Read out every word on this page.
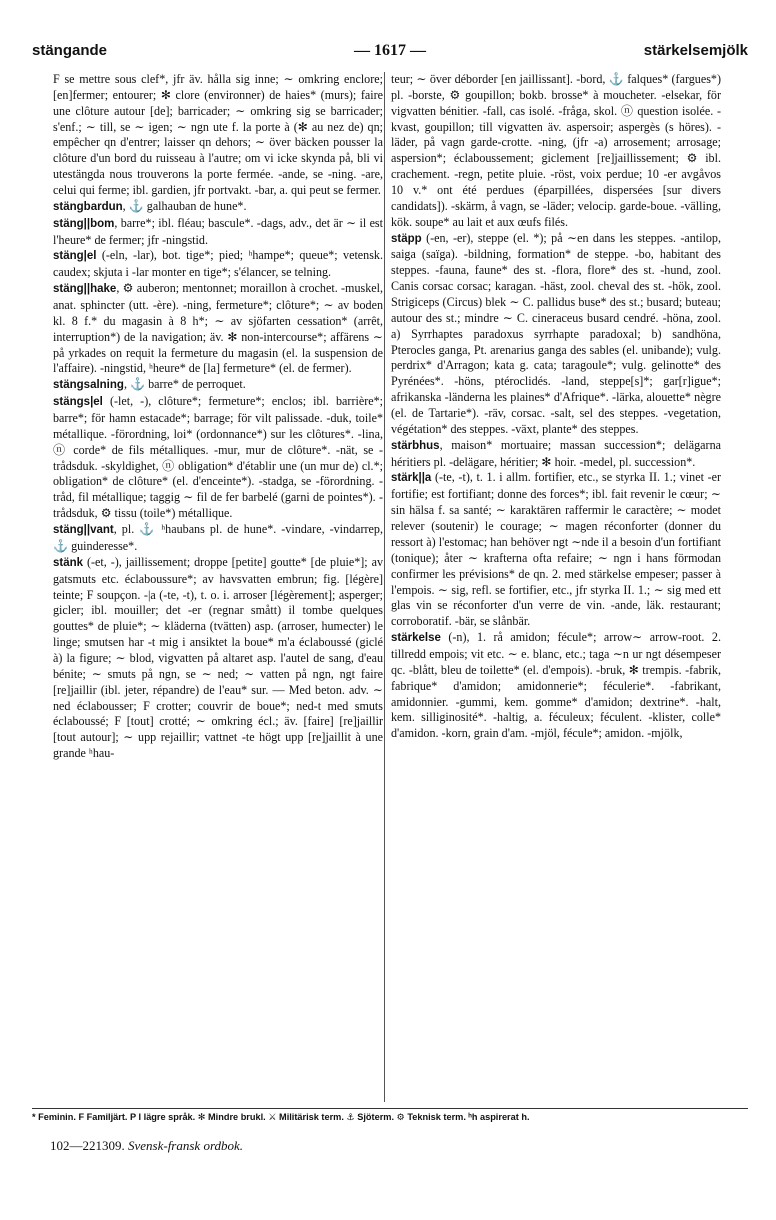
stängande	— 1617 —	stärkelsemjölk

F se mettre sous clef*, jfr äv. hålla sig inne; ∼ omkring enclore; [en]fermer; entourer; ✻ clore (environner) de haies* (murs); faire une clôture autour [de]; barricader; ∼ omkring sig se barricader; s'enf.; ∼ till, se ∼ igen; ∼ ngn ute f. la porte à (✻ au nez de) qn; empêcher qn d'entrer; laisser qn dehors; ∼ över bäcken pousser la clôture d'un bord du ruisseau à l'autre; om vi icke skynda på, bli vi utestängda nous trouverons la porte fermée. -ande, se -ning. -are, celui qui ferme; ibl. gardien, jfr portvakt. -bar, a. qui peut se fermer.

stängbardun, ⚓ galhauban de hune*.

stäng||bom, barre*; ibl. fléau; bascule*. -dags, adv., det är ∼ il est l'heure* de fermer; jfr -ningstid.

stäng|el (-eln, -lar), bot. tige*; pied; ʰhampe*; queue*; vetensk. caudex; skjuta i -lar monter en tige*; s'élancer, se telning.

stäng||hake, ⚙ auberon; mentonnet; moraillon à crochet. -muskel, anat. sphincter (utt. -ère). -ning, fermeture*; clôture*; ∼ av boden kl. 8 f.* du magasin à 8 h*; ∼ av sjöfarten cessation* (arrêt, interruption*) de la navigation; äv. ✻ non-intercourse*; affärens ∼ på yrkades on requit la fermeture du magasin (el. la suspension de l'affaire). -ningstid, ʰheure* de [la] fermeture* (el. de fermer).

stängsalning, ⚓ barre* de perroquet.

stängs|el (-let, -), clôture*; fermeture*; enclos; ibl. barrière*; barre*; för hamn estacade*; barrage; för vilt palissade. -duk, toile* métallique. -förordning, loi* (ordonnance*) sur les clôtures*. -lina, ⓝ corde* de fils métalliques. -mur, mur de clôture*. -nät, se -trådsduk. -skyldighet, ⓝ obligation* d'établir une (un mur de) cl.*; obligation* de clôture* (el. d'enceinte*). -stadga, se -förordning. -tråd, fil métallique; taggig ∼ fil de fer barbelé (garni de pointes*). -trådsduk, ⚙ tissu (toile*) métallique.

stäng||vant, pl. ⚓ ʰhaubans pl. de hune*. -vindare, -vindarrep, ⚓ guinderesse*.

stänk (-et, -), jaillissement; droppe [petite] goutte* [de pluie*]; av gatsmuts etc. éclaboussure*; av havsvatten embrun; fig. [légère] teinte; F soupçon. -|a (-te, -t), t. o. i. arroser [légèrement]; asperger; gicler; ibl. mouiller; det -er (regnar smått) il tombe quelques gouttes* de pluie*; ∼ kläderna (tvätten) asp. (arroser, humecter) le linge; smutsen har -t mig i ansiktet la boue* m'a éclaboussé (giclé à) la figure; ∼ blod, vigvatten på altaret asp. l'autel de sang, d'eau bénite; ∼ smuts på ngn, se ∼ ned; ∼ vatten på ngn, ngt faire [re]jaillir (ibl. jeter, répandre) de l'eau* sur. — Med beton. adv. ∼ ned éclabousser; F crotter; couvrir de boue*; ned-t med smuts éclaboussé; F [tout] crotté; ∼ omkring écl.; äv. [faire] [re]jaillir [tout autour]; ∼ upp rejaillir; vattnet -te högt upp [re]jaillit à une grande ʰhau-

teur; ∼ över déborder [en jaillissant]. -bord, ⚓ falques* (fargues*) pl. -borste, ⚙ goupillon; bokb. brosse* à moucheter. -elsekar, för vigvatten bénitier. -fall, cas isolé. -fråga, skol. ⓝ question isolée. -kvast, goupillon; till vigvatten äv. aspersoir; aspergès (s höres). -läder, på vagn garde-crotte. -ning, (jfr -a) arrosement; arrosage; aspersion*; éclaboussement; giclement [re]jaillissement; ⚙ ibl. crachement. -regn, petite pluie. -röst, voix perdue; 10 -er avgåvos 10 v.* ont été perdues (éparpillées, dispersées [sur divers candidats]). -skärm, å vagn, se -läder; velocip. garde-boue. -välling, kök. soupe* au lait et aux œufs filés.

stäpp (-en, -er), steppe (el. *); på ∼en dans les steppes. -antilop, saiga (saïga). -bildning, formation* de steppe. -bo, habitant des steppes. -fauna, faune* des st. -flora, flore* des st. -hund, zool. Canis corsac corsac; karagan. -häst, zool. cheval des st. -hök, zool. Strigiceps (Circus) blek ∼ C. pallidus buse* des st.; busard; buteau; autour des st.; mindre ∼ C. cineraceus busard cendré. -höna, zool. a) Syrrhaptes paradoxus syrrhapte paradoxal; b) sandhöna, Pterocles ganga, Pt. arenarius ganga des sables (el. unibande); vulg. perdrix* d'Arragon; kata g. cata; taragoule*; vulg. gelinotte* des Pyrénées*. -höns, ptéroclidés. -land, steppe[s]*; gar[r]igue*; afrikanska -länderna les plaines* d'Afrique*. -lärka, alouette* nègre (el. de Tartarie*). -räv, corsac. -salt, sel des steppes. -vegetation, végétation* des steppes. -växt, plante* des steppes.

stärbhus, maison* mortuaire; massan succession*; delägarna héritiers pl. -delägare, héritier; ✻ hoir. -medel, pl. succession*.

stärk||a (-te, -t), t. 1. i allm. fortifier, etc., se styrka II. 1.; vinet -er fortifie; est fortifiant; donne des forces*; ibl. fait revenir le cœur; ∼ sin hälsa f. sa santé; ∼ karaktären raffermir le caractère; ∼ modet relever (soutenir) le courage; ∼ magen réconforter (donner du ressort à) l'estomac; han behöver ngt ∼nde il a besoin d'un fortifiant (tonique); åter ∼ krafterna ofta refaire; ∼ ngn i hans förmodan confirmer les prévisions* de qn. 2. med stärkelse empeser; passer à l'empois. ∼ sig, refl. se fortifier, etc., jfr styrka II. 1.; ∼ sig med ett glas vin se réconforter d'un verre de vin. -ande, läk. restaurant; corroboratif. -bär, se slånbär.

stärkelse (-n), 1. rå amidon; fécule*; arrow∼ arrow-root. 2. tillredd empois; vit etc. ∼ e. blanc, etc.; taga ∼n ur ngt désempeser qc. -blått, bleu de toilette* (el. d'empois). -bruk, ✻ trempis. -fabrik, fabrique* d'amidon; amidonnerie*; féculerie*. -fabrikant, amidonnier. -gummi, kem. gomme* d'amidon; dextrine*. -halt, kem. silliginosité*. -haltig, a. féculeux; féculent. -klister, colle* d'amidon. -korn, grain d'am. -mjöl, fécule*; amidon. -mjölk,

* Feminin. F Familjärt. P I lägre språk. ✻ Mindre brukl. ⚔ Militärisk term. ⚓ Sjöterm. ⚙ Teknisk term. ʰh aspirerat h.
102—221309. Svensk-fransk ordbok.
